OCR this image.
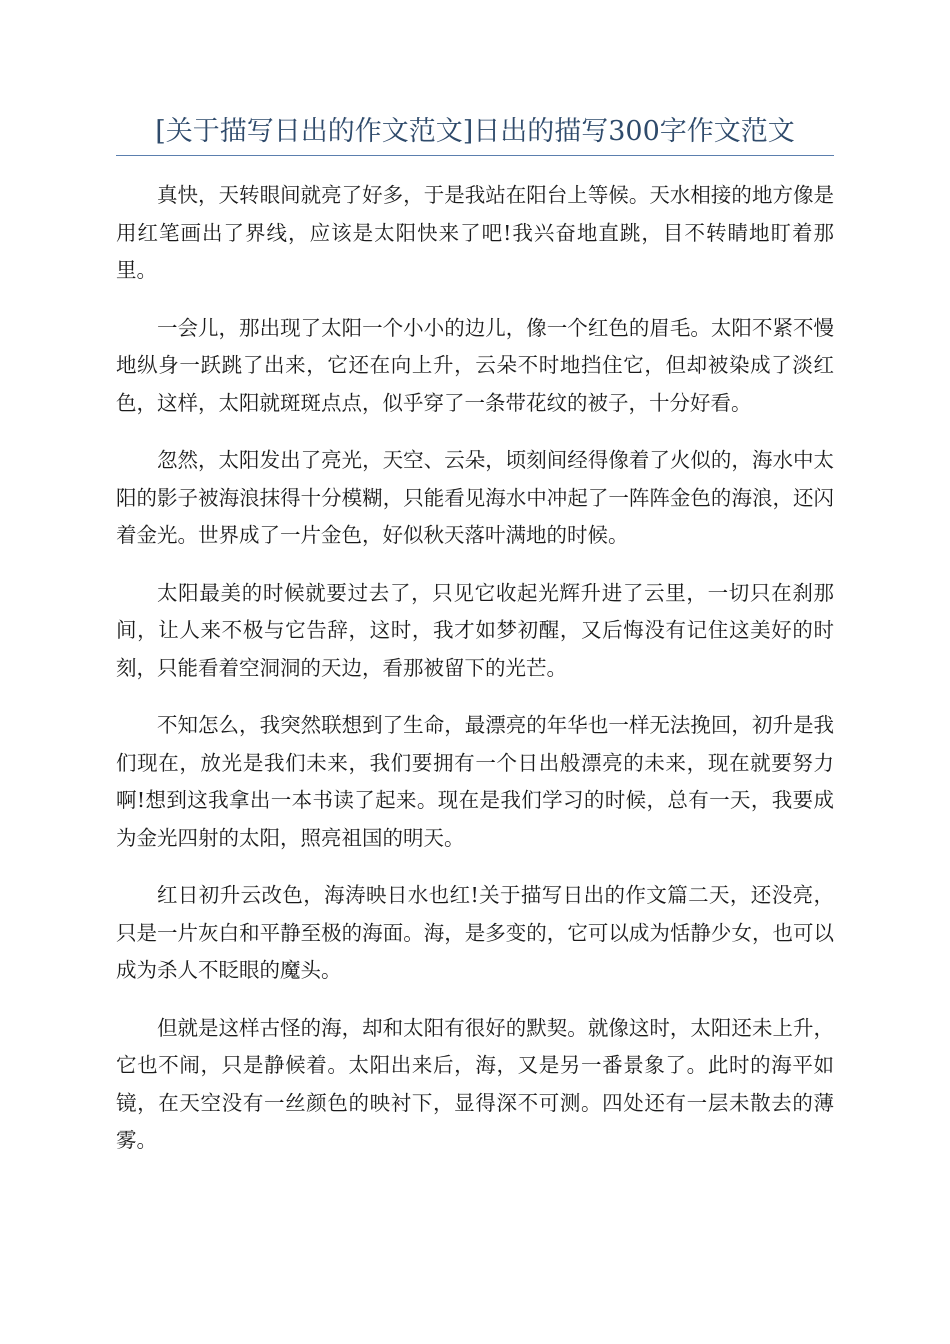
[关于描写日出的作文范文]日出的描写300字作文范文

真快，天转眼间就亮了好多，于是我站在阳台上等候。天水相接的地方像是用红笔画出了界线，应该是太阳快来了吧!我兴奋地直跳，目不转睛地盯着那里。

一会儿，那出现了太阳一个小小的边儿，像一个红色的眉毛。太阳不紧不慢地纵身一跃跳了出来，它还在向上升，云朵不时地挡住它，但却被染成了淡红色，这样，太阳就斑斑点点，似乎穿了一条带花纹的被子，十分好看。

忽然，太阳发出了亮光，天空、云朵，顷刻间经得像着了火似的，海水中太阳的影子被海浪抹得十分模糊，只能看见海水中冲起了一阵阵金色的海浪，还闪着金光。世界成了一片金色，好似秋天落叶满地的时候。

太阳最美的时候就要过去了，只见它收起光辉升进了云里，一切只在刹那间，让人来不极与它告辞，这时，我才如梦初醒，又后悔没有记住这美好的时刻，只能看着空洞洞的天边，看那被留下的光芒。

不知怎么，我突然联想到了生命，最漂亮的年华也一样无法挽回，初升是我们现在，放光是我们未来，我们要拥有一个日出般漂亮的未来，现在就要努力啊!想到这我拿出一本书读了起来。现在是我们学习的时候，总有一天，我要成为金光四射的太阳，照亮祖国的明天。

红日初升云改色，海涛映日水也红!关于描写日出的作文篇二天，还没亮，只是一片灰白和平静至极的海面。海，是多变的，它可以成为恬静少女，也可以成为杀人不眨眼的魔头。

但就是这样古怪的海，却和太阳有很好的默契。就像这时，太阳还未上升，它也不闹，只是静候着。太阳出来后，海，又是另一番景象了。此时的海平如镜，在天空没有一丝颜色的映衬下，显得深不可测。四处还有一层未散去的薄雾。
